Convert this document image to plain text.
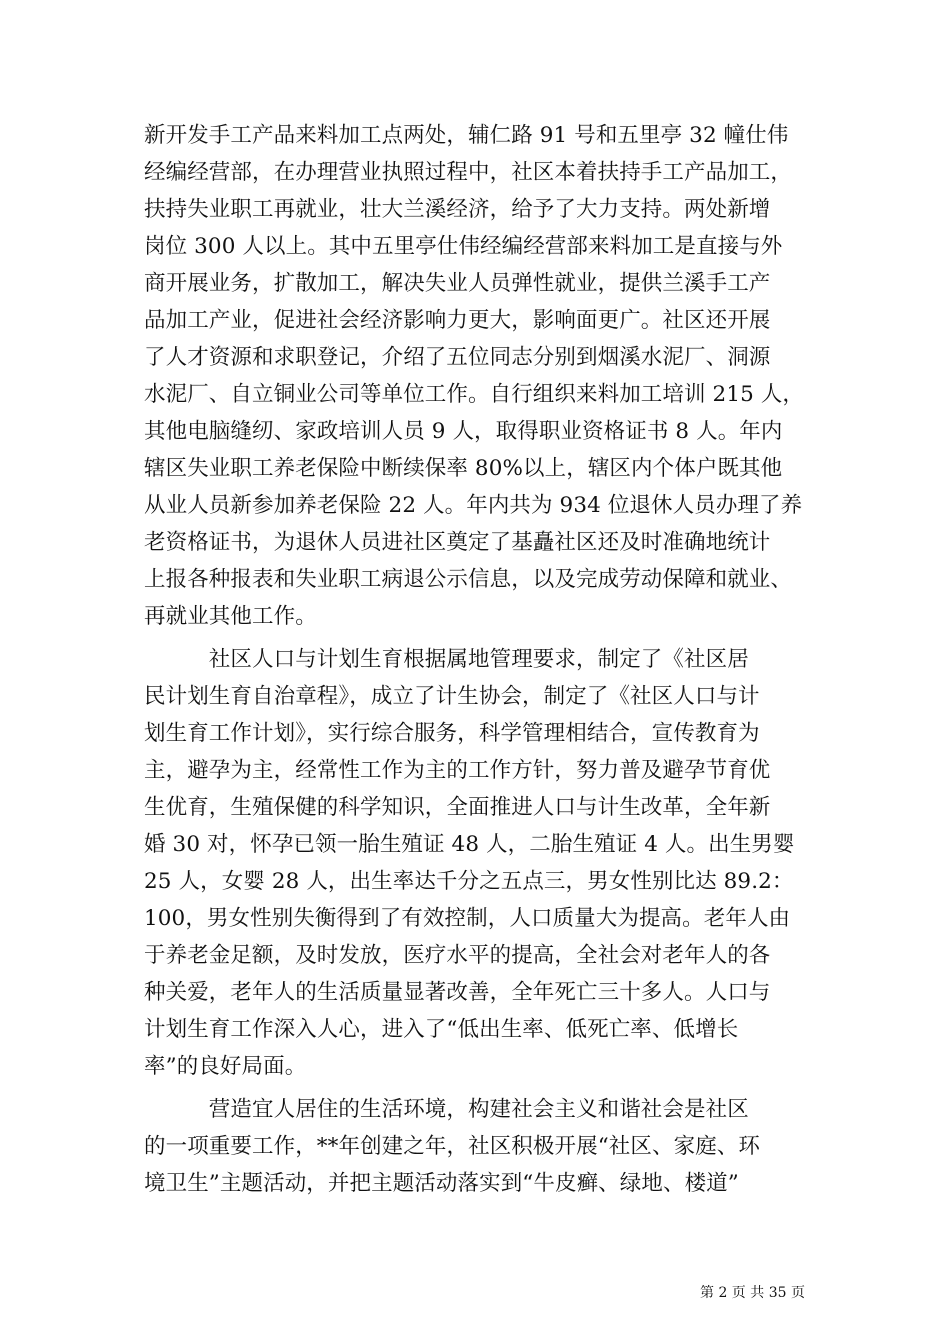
新开发手工产品来料加工点两处，辅仁路 91 号和五里亭 32 幢仕伟
经编经营部，在办理营业执照过程中，社区本着扶持手工产品加工，
扶持失业职工再就业，壮大兰溪经济，给予了大力支持。两处新增
岗位 300 人以上。其中五里亭仕伟经编经营部来料加工是直接与外
商开展业务，扩散加工，解决失业人员弹性就业，提供兰溪手工产
品加工产业，促进社会经济影响力更大，影响面更广。社区还开展
了人才资源和求职登记，介绍了五位同志分别到烟溪水泥厂、洞源
水泥厂、自立铜业公司等单位工作。自行组织来料加工培训 215 人，
其他电脑缝纫、家政培训人员 9 人，取得职业资格证书 8 人。年内
辖区失业职工养老保险中断续保率 80%以上，辖区内个体户既其他
从业人员新参加养老保险 22 人。年内共为 934 位退休人员办理了养
老资格证书，为退休人员进社区奠定了基矗社区还及时准确地统计
上报各种报表和失业职工病退公示信息，以及完成劳动保障和就业、
再就业其他工作。
　　　社区人口与计划生育根据属地管理要求，制定了《社区居
民计划生育自治章程》，成立了计生协会，制定了《社区人口与计
划生育工作计划》，实行综合服务，科学管理相结合，宣传教育为
主，避孕为主，经常性工作为主的工作方针，努力普及避孕节育优
生优育，生殖保健的科学知识，全面推进人口与计生改革，全年新
婚 30 对，怀孕已领一胎生殖证 48 人，二胎生殖证 4 人。出生男婴
25 人，女婴 28 人，出生率达千分之五点三，男女性别比达 89.2：
100，男女性别失衡得到了有效控制，人口质量大为提高。老年人由
于养老金足额，及时发放，医疗水平的提高，全社会对老年人的各
种关爱，老年人的生活质量显著改善，全年死亡三十多人。人口与
计划生育工作深入人心，进入了“低出生率、低死亡率、低增长
率”的良好局面。
　　　营造宜人居住的生活环境，构建社会主义和谐社会是社区
的一项重要工作，**年创建之年，社区积极开展“社区、家庭、环
境卫生”主题活动，并把主题活动落实到“牛皮癣、绿地、楼道”
第 2 页 共 35 页
